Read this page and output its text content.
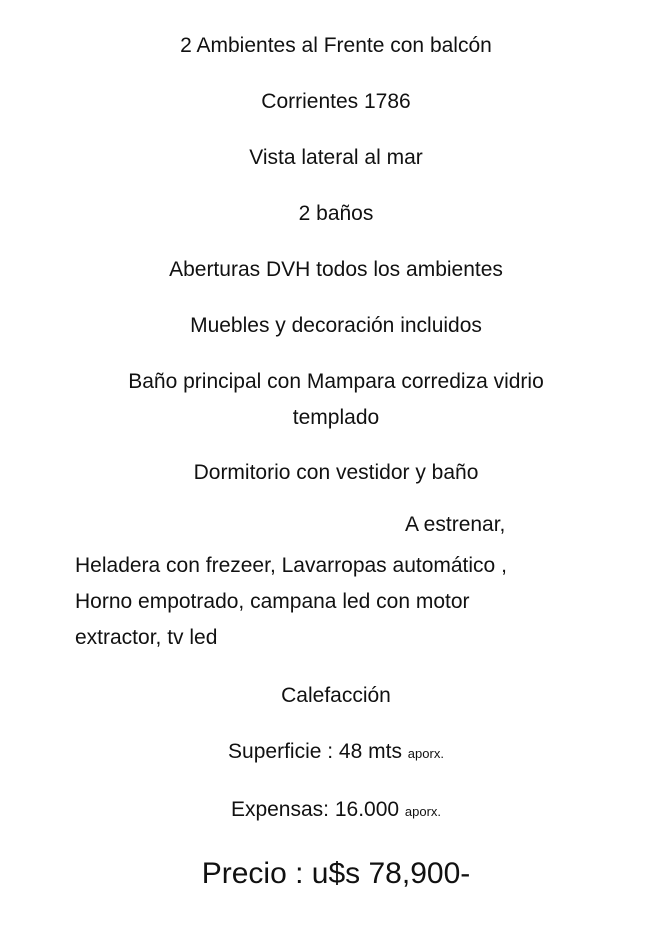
2 Ambientes al Frente con balcón
Corrientes 1786
Vista lateral al mar
2 baños
Aberturas DVH todos los ambientes
Muebles y decoración incluidos
Baño principal con Mampara corrediza vidrio
templado
Dormitorio con vestidor y baño
A estrenar,
Heladera con frezeer, Lavarropas automático ,
Horno empotrado, campana led con motor
extractor, tv led
Calefacción
Superficie : 48 mts aporx.
Expensas: 16.000 aporx.
Precio : u$s 78,900-
